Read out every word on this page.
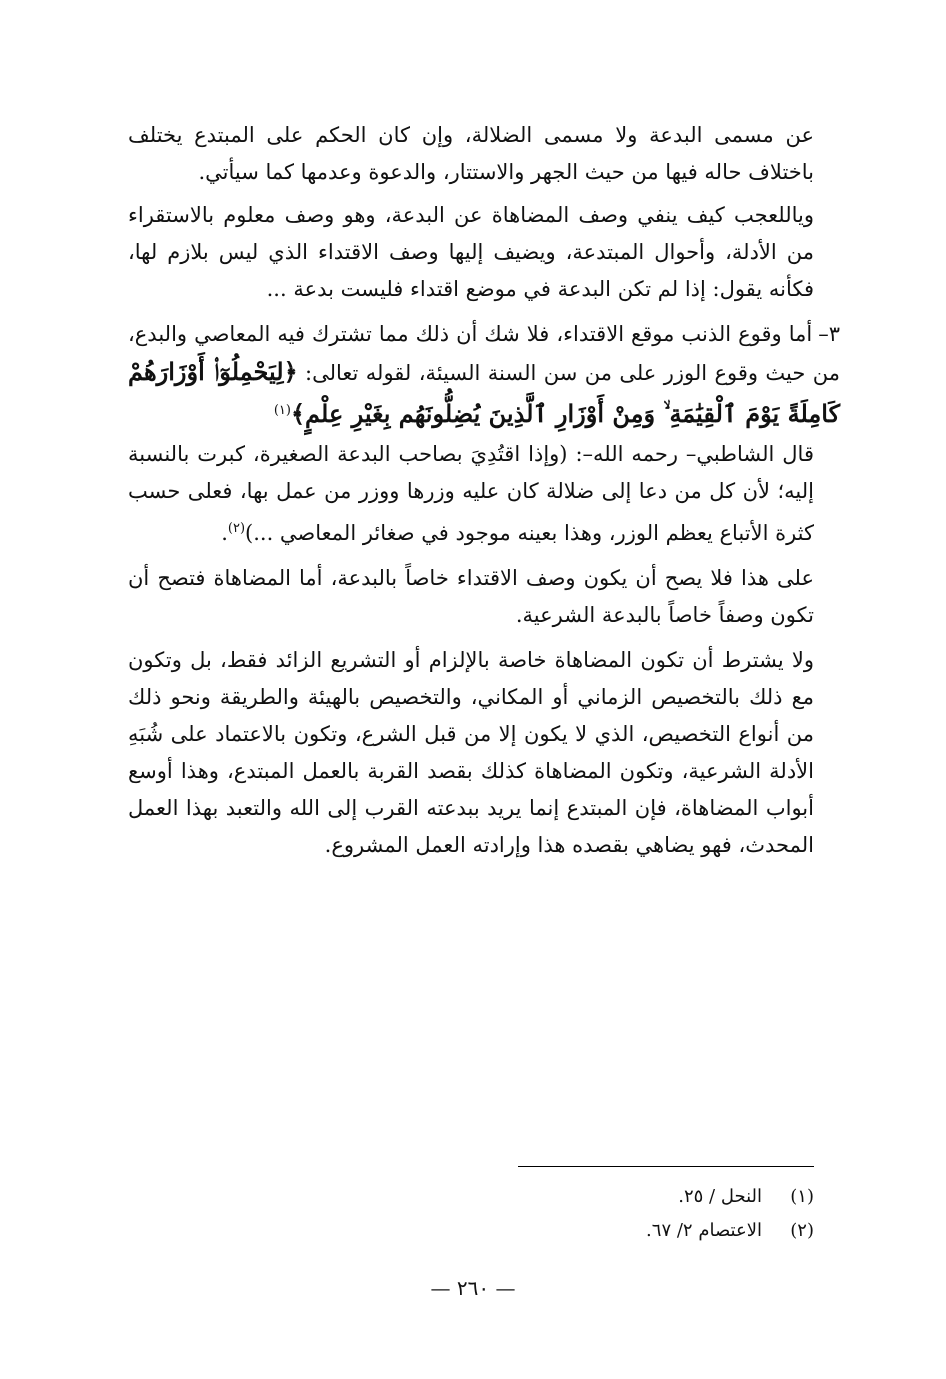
عن مسمى البدعة ولا مسمى الضلالة، وإن كان الحكم على المبتدع يختلف باختلاف حاله فيها من حيث الجهر والاستتار، والدعوة وعدمها كما سيأتي.

وياللعجب كيف ينفي وصف المضاهاة عن البدعة، وهو وصف معلوم بالاستقراء من الأدلة، وأحوال المبتدعة، ويضيف إليها وصف الاقتداء الذي ليس بلازم لها، فكأنه يقول: إذا لم تكن البدعة في موضع اقتداء فليست بدعة ...

٣–أما وقوع الذنب موقع الاقتداء، فلا شك أن ذلك مما تشترك فيه المعاصي والبدع، من حيث وقوع الوزر على من سن السنة السيئة، لقوله تعالى: ﴿لِيَحْمِلُوٓا۟ أَوْزَارَهُمْ كَامِلَةً يَوْمَ ٱلْقِيَٰمَةِ ۙ وَمِنْ أَوْزَارِ ٱلَّذِينَ يُضِلُّونَهُم بِغَيْرِ عِلْمٍ﴾$^{(١)}$

قال الشاطبي– رحمه الله–: (وإذا اقتُدِيَ بصاحب البدعة الصغيرة، كبرت بالنسبة إليه؛ لأن كل من دعا إلى ضلالة كان عليه وزرها ووزر من عمل بها، فعلى حسب كثرة الأتباع يعظم الوزر، وهذا بعينه موجود في صغائر المعاصي ...)$^{(٢)}$.

على هذا فلا يصح أن يكون وصف الاقتداء خاصاً بالبدعة، أما المضاهاة فتصح أن تكون وصفاً خاصاً بالبدعة الشرعية.

ولا يشترط أن تكون المضاهاة خاصة بالإلزام أو التشريع الزائد فقط، بل وتكون مع ذلك بالتخصيص الزماني أو المكاني، والتخصيص بالهيئة والطريقة ونحو ذلك من أنواع التخصيص، الذي لا يكون إلا من قبل الشرع، وتكون بالاعتماد على شُبَهِ الأدلة الشرعية، وتكون المضاهاة كذلك بقصد القربة بالعمل المبتدع، وهذا أوسع أبواب المضاهاة، فإن المبتدع إنما يريد ببدعته القرب إلى الله والتعبد بهذا العمل المحدث، فهو يضاهي بقصده هذا وإرادته العمل المشروع.

(١)النحل / ٢٥.
(٢)الاعتصام ٢/ ٦٧.
— ٢٦٠ —
